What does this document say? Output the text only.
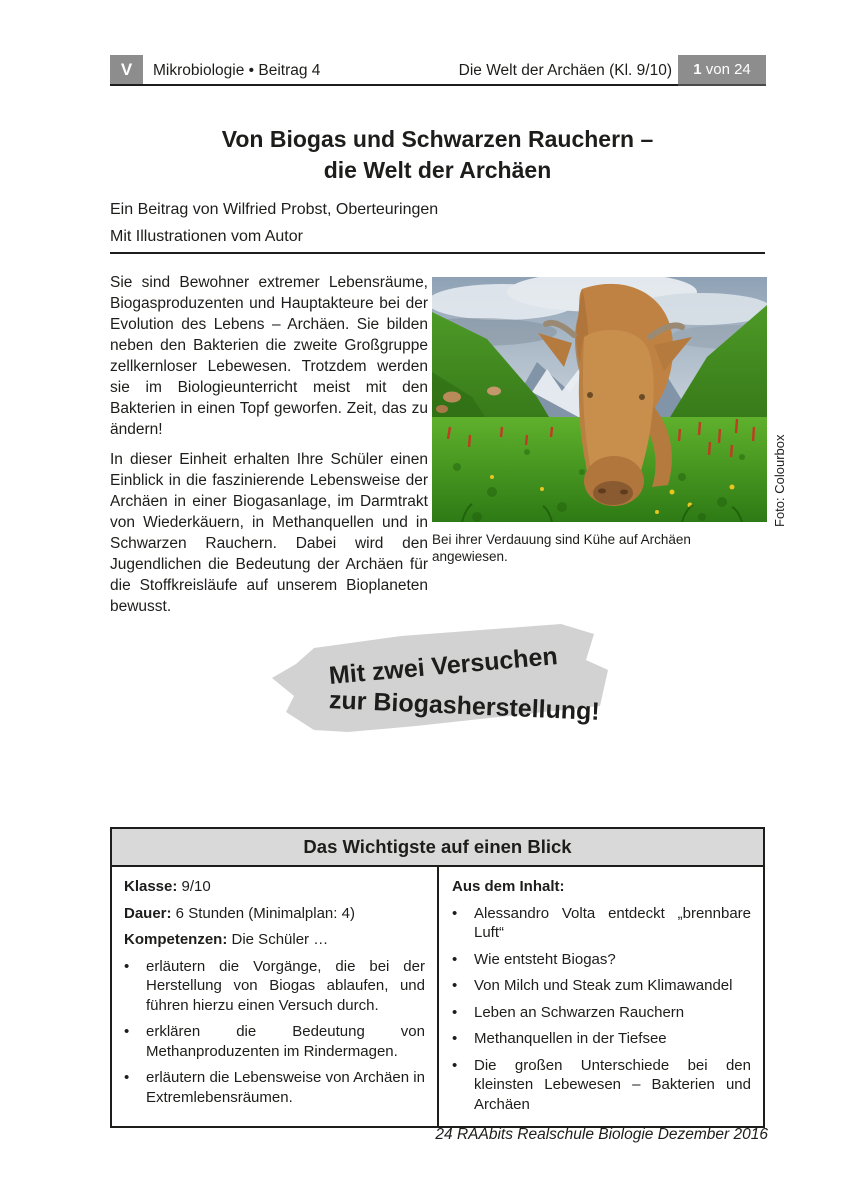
V	Mikrobiologie • Beitrag 4	Die Welt der Archäen (Kl. 9/10)	1 von 24
Von Biogas und Schwarzen Rauchern –
die Welt der Archäen
Ein Beitrag von Wilfried Probst, Oberteuringen
Mit Illustrationen vom Autor

Sie sind Bewohner extremer Lebensräume, Biogasproduzenten und Hauptakteure bei der Evolution des Lebens – Archäen. Sie bilden neben den Bakterien die zweite Großgruppe zellkernloser Lebewesen. Trotzdem werden sie im Biologieunterricht meist mit den Bakterien in einen Topf geworfen. Zeit, das zu ändern!

In dieser Einheit erhalten Ihre Schüler einen Einblick in die faszinierende Lebensweise der Archäen in einer Biogasanlage, im Darmtrakt von Wiederkäuern, in Methanquellen und in Schwarzen Rauchern. Dabei wird den Jugendlichen die Bedeutung der Archäen für die Stoffkreisläufe auf unserem Bioplaneten bewusst.

Bei ihrer Verdauung sind Kühe auf Archäen angewiesen.
Foto: Colourbox
Mit zwei Versuchen
zur Biogasherstellung!
Das Wichtigste auf einen Blick

Klasse: 9/10

Dauer: 6 Stunden (Minimalplan: 4)

Kompetenzen: Die Schüler …

•	erläutern die Vorgänge, die bei der Herstellung von Biogas ablaufen, und führen hierzu einen Versuch durch.
•	erklären die Bedeutung von Methanproduzenten im Rindermagen.
•	erläutern die Lebensweise von Archäen in Extremlebensräumen.

Aus dem Inhalt:

•	Alessandro Volta entdeckt „brennbare Luft“
•	Wie entsteht Biogas?
•	Von Milch und Steak zum Klimawandel
•	Leben an Schwarzen Rauchern
•	Methanquellen in der Tiefsee
•	Die großen Unterschiede bei den kleinsten Lebewesen – Bakterien und Archäen
24 RAAbits Realschule Biologie Dezember 2016
